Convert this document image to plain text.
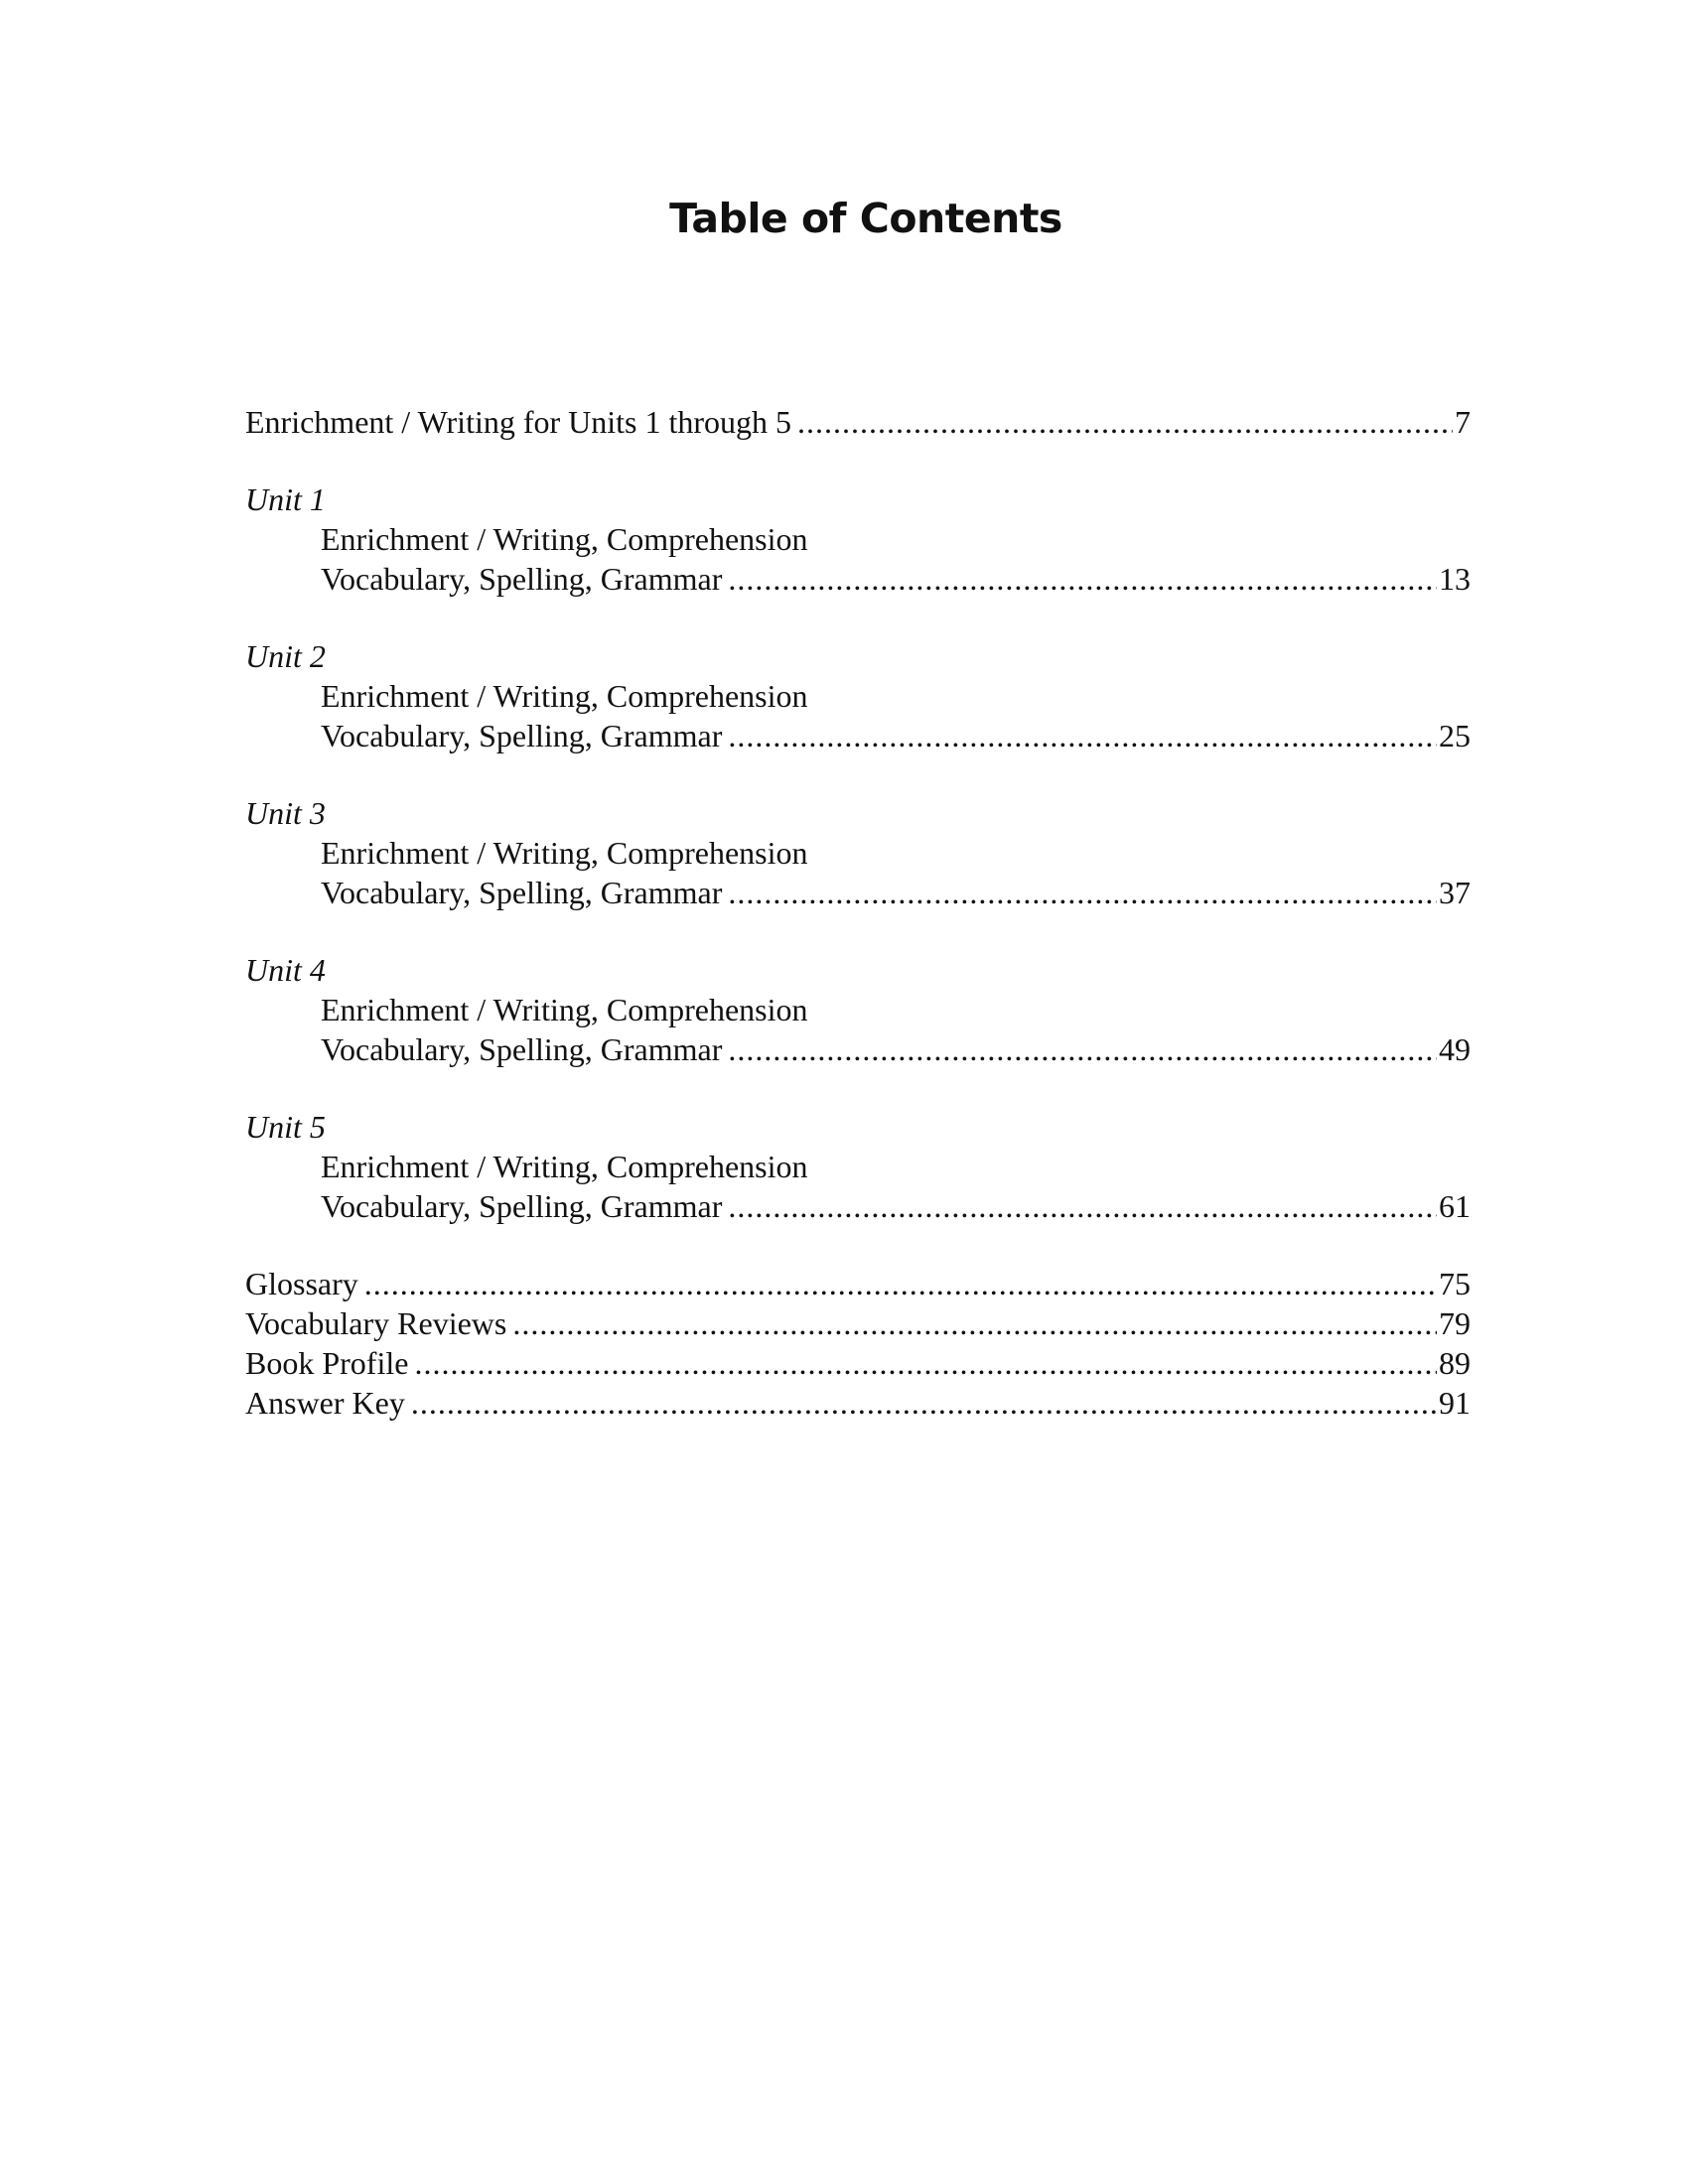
Table of Contents
Enrichment / Writing for Units 1 through 5 .....	7
Unit 1
Enrichment / Writing, Comprehension
Vocabulary, Spelling, Grammar .....	13
Unit 2
Enrichment / Writing, Comprehension
Vocabulary, Spelling, Grammar .....	25
Unit 3
Enrichment / Writing, Comprehension
Vocabulary, Spelling, Grammar .....	37
Unit 4
Enrichment / Writing, Comprehension
Vocabulary, Spelling, Grammar .....	49
Unit 5
Enrichment / Writing, Comprehension
Vocabulary, Spelling, Grammar .....	61
Glossary .....	75
Vocabulary Reviews .....	79
Book Profile .....	89
Answer Key .....	91
